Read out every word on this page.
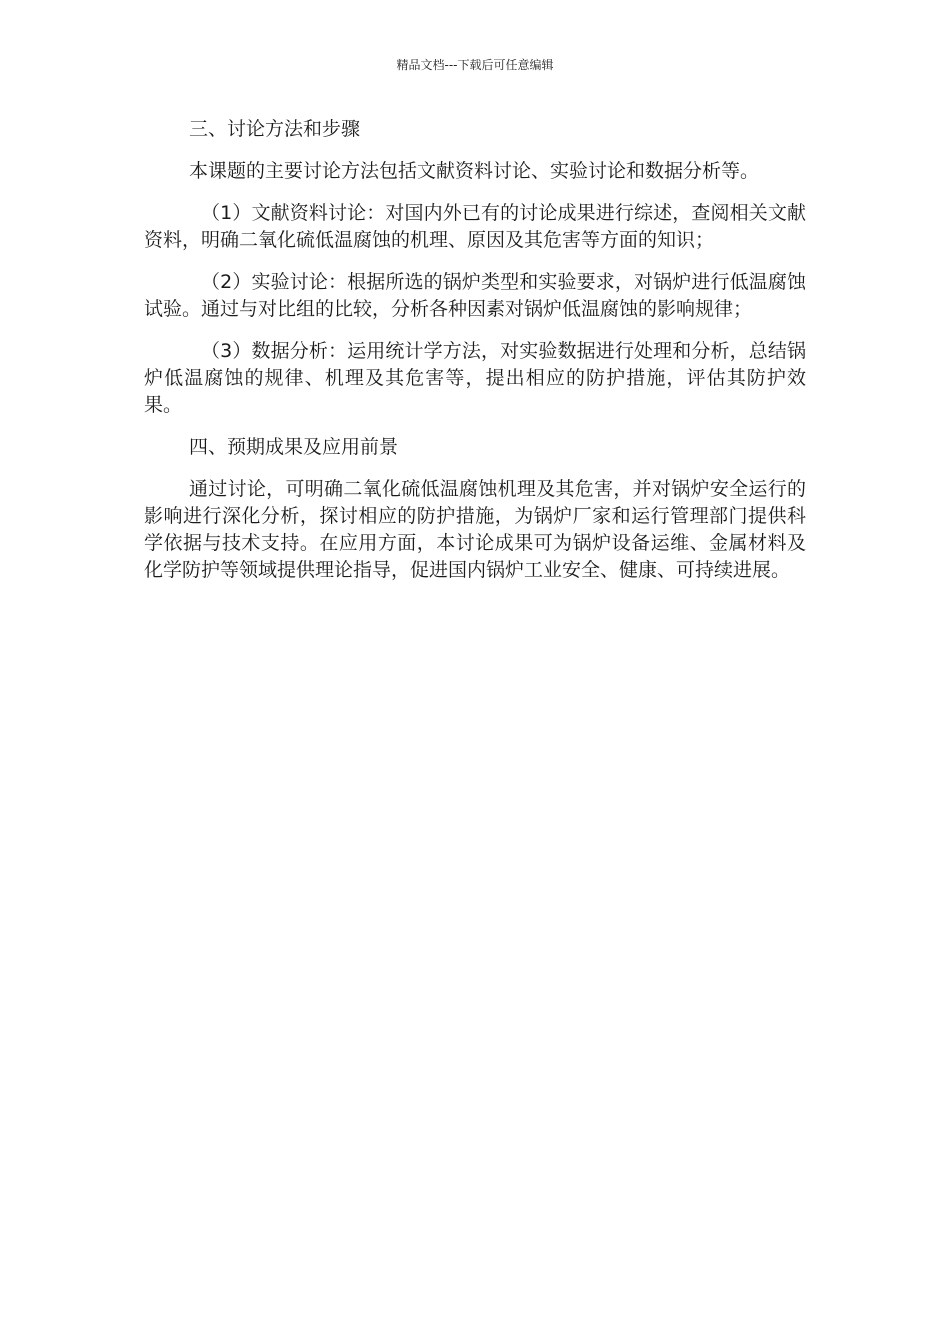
精品文档---下载后可任意编辑
三、讨论方法和步骤
本课题的主要讨论方法包括文献资料讨论、实验讨论和数据分析等。
（1）文献资料讨论：对国内外已有的讨论成果进行综述，查阅相关文献资料，明确二氧化硫低温腐蚀的机理、原因及其危害等方面的知识；
（2）实验讨论：根据所选的锅炉类型和实验要求，对锅炉进行低温腐蚀试验。通过与对比组的比较，分析各种因素对锅炉低温腐蚀的影响规律；
（3）数据分析：运用统计学方法，对实验数据进行处理和分析，总结锅炉低温腐蚀的规律、机理及其危害等，提出相应的防护措施，评估其防护效果。
四、预期成果及应用前景
通过讨论，可明确二氧化硫低温腐蚀机理及其危害，并对锅炉安全运行的影响进行深化分析，探讨相应的防护措施，为锅炉厂家和运行管理部门提供科学依据与技术支持。在应用方面，本讨论成果可为锅炉设备运维、金属材料及化学防护等领域提供理论指导，促进国内锅炉工业安全、健康、可持续进展。
